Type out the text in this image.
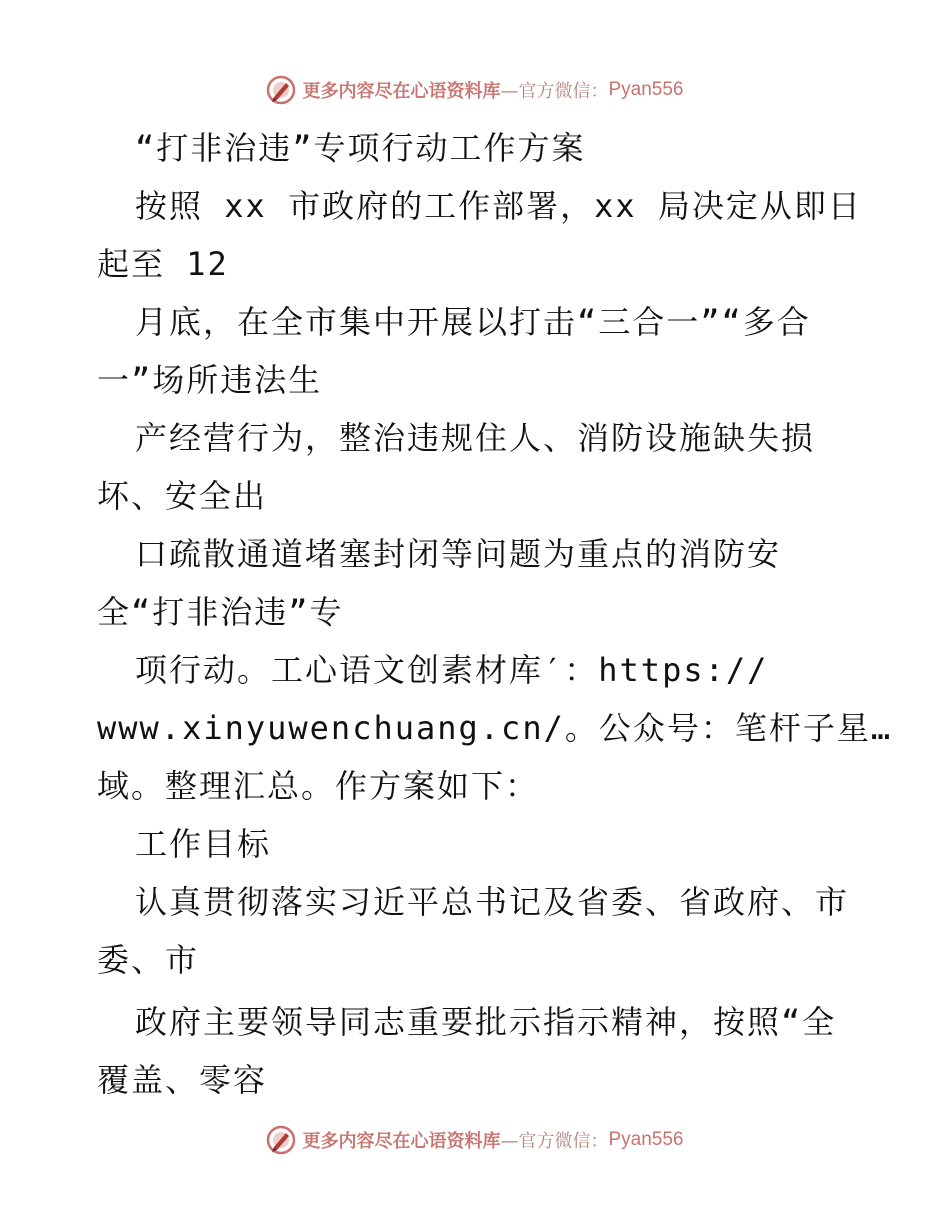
更多内容尽在心语资料库 —官方微信： Pyan556
“打非治违”专项行动工作方案
按照 xx 市政府的工作部署，xx 局决定从即日
起至 12
月底，在全市集中开展以打击“三合一”“多合
一”场所违法生
产经营行为，整治违规住人、消防设施缺失损
坏、安全出
口疏散通道堵塞封闭等问题为重点的消防安
全“打非治违”专
项行动。工心语文创素材库′：https://
www.xinyuwenchuang.cn/。公众号：笔杆子星…
域。整理汇总。作方案如下：
工作目标
认真贯彻落实习近平总书记及省委、省政府、市
委、市
政府主要领导同志重要批示指示精神，按照“全
覆盖、零容
更多内容尽在心语资料库 —官方微信： Pyan556
